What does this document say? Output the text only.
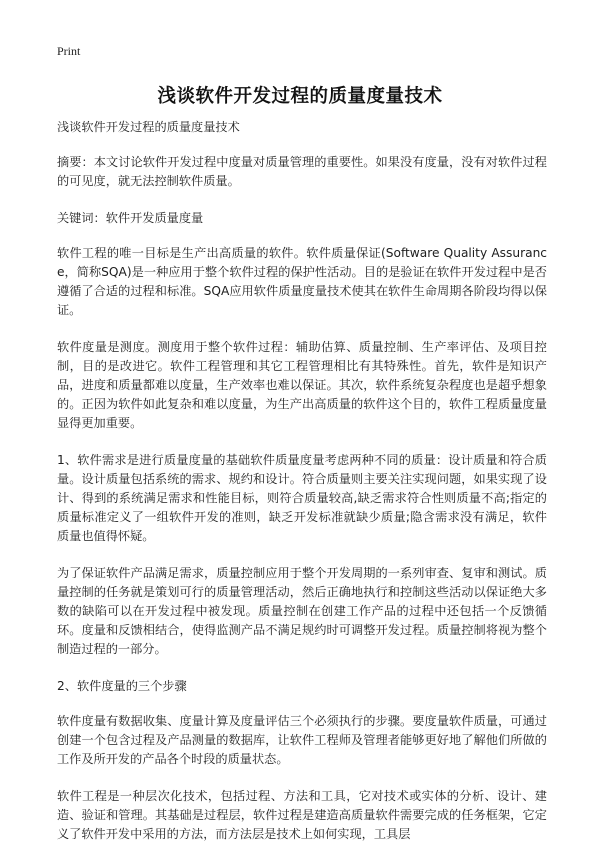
Print
浅谈软件开发过程的质量度量技术

浅谈软件开发过程的质量度量技术

摘要：本文讨论软件开发过程中度量对质量管理的重要性。如果没有度量，没有对软件过程的可见度，就无法控制软件质量。

关键词：软件开发质量度量

软件工程的唯一目标是生产出高质量的软件。软件质量保证(Software Quality Assurance，简称SQA)是一种应用于整个软件过程的保护性活动。目的是验证在软件开发过程中是否遵循了合适的过程和标准。SQA应用软件质量度量技术使其在软件生命周期各阶段均得以保证。

软件度量是测度。测度用于整个软件过程：辅助估算、质量控制、生产率评估、及项目控制，目的是改进它。软件工程管理和其它工程管理相比有其特殊性。首先，软件是知识产品，进度和质量都难以度量，生产效率也难以保证。其次，软件系统复杂程度也是超乎想象的。正因为软件如此复杂和难以度量，为生产出高质量的软件这个目的，软件工程质量度量显得更加重要。

1、软件需求是进行质量度量的基础软件质量度量考虑两种不同的质量：设计质量和符合质量。设计质量包括系统的需求、规约和设计。符合质量则主要关注实现问题，如果实现了设计、得到的系统满足需求和性能目标，则符合质量较高,缺乏需求符合性则质量不高;指定的质量标准定义了一组软件开发的准则，缺乏开发标准就缺少质量;隐含需求没有满足，软件质量也值得怀疑。

为了保证软件产品满足需求，质量控制应用于整个开发周期的一系列审查、复审和测试。质量控制的任务就是策划可行的质量管理活动，然后正确地执行和控制这些活动以保证绝大多数的缺陷可以在开发过程中被发现。质量控制在创建工作产品的过程中还包括一个反馈循环。度量和反馈相结合，使得监测产品不满足规约时可调整开发过程。质量控制将视为整个制造过程的一部分。

2、软件度量的三个步骤

软件度量有数据收集、度量计算及度量评估三个必须执行的步骤。要度量软件质量，可通过创建一个包含过程及产品测量的数据库，让软件工程师及管理者能够更好地了解他们所做的工作及所开发的产品各个时段的质量状态。

软件工程是一种层次化技术，包括过程、方法和工具，它对技术或实体的分析、设计、建造、验证和管理。其基础是过程层，软件过程是建造高质量软件需要完成的任务框架，它定义了软件开发中采用的方法，而方法层是技术上如何实现，工具层
